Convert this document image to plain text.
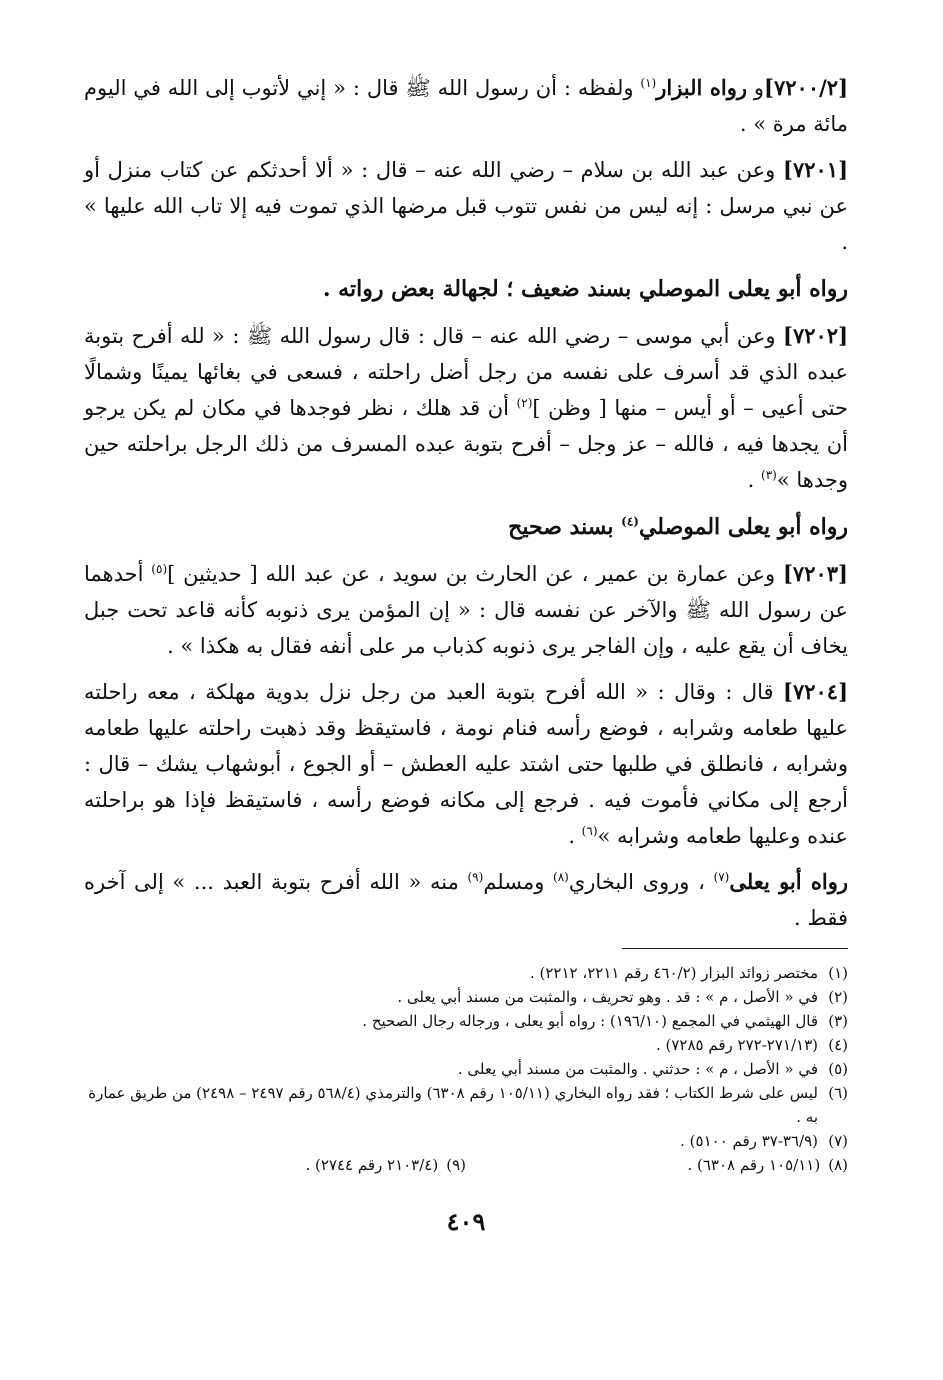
[٧٢٠٠/٢]و رواه البزار$^{(١)}$ ولفظه : أن رسول الله ﷺ قال : « إني لأتوب إلى الله في اليوم مائة مرة » .

[٧٢٠١] وعن عبد الله بن سلام – رضي الله عنه – قال : « ألا أحدثكم عن كتاب منزل أو عن نبي مرسل : إنه ليس من نفس تتوب قبل مرضها الذي تموت فيه إلا تاب الله عليها » .

رواه أبو يعلى الموصلي بسند ضعيف ؛ لجهالة بعض رواته .

[٧٢٠٢] وعن أبي موسى – رضي الله عنه – قال : قال رسول الله ﷺ : « لله أفرح بتوبة عبده الذي قد أسرف على نفسه من رجل أضل راحلته ، فسعى في بغائها يمينًا وشمالًا حتى أعيى – أو أيس – منها [ وظن ]$^{(٢)}$ أن قد هلك ، نظر فوجدها في مكان لم يكن يرجو أن يجدها فيه ، فالله – عز وجل – أفرح بتوبة عبده المسرف من ذلك الرجل براحلته حين وجدها »$^{(٣)}$ .

رواه أبو يعلى الموصلي$^{(٤)}$ بسند صحيح

[٧٢٠٣] وعن عمارة بن عمير ، عن الحارث بن سويد ، عن عبد الله [ حديثين ]$^{(٥)}$ أحدهما عن رسول الله ﷺ والآخر عن نفسه قال : « إن المؤمن يرى ذنوبه كأنه قاعد تحت جبل يخاف أن يقع عليه ، وإن الفاجر يرى ذنوبه كذباب مر على أنفه فقال به هكذا » .

[٧٢٠٤] قال : وقال : « الله أفرح بتوبة العبد من رجل نزل بدوية مهلكة ، معه راحلته عليها طعامه وشرابه ، فوضع رأسه فنام نومة ، فاستيقظ وقد ذهبت راحلته عليها طعامه وشرابه ، فانطلق في طلبها حتى اشتد عليه العطش – أو الجوع ، أبوشهاب يشك – قال : أرجع إلى مكاني فأموت فيه . فرجع إلى مكانه فوضع رأسه ، فاستيقظ فإذا هو براحلته عنده وعليها طعامه وشرابه »$^{(٦)}$ .

رواه أبو يعلى$^{(٧)}$ ، وروى البخاري$^{(٨)}$ ومسلم$^{(٩)}$ منه « الله أفرح بتوبة العبد ... » إلى آخره فقط .

(١)
مختصر زوائد البزار (٤٦٠/٢ رقم ٢٢١١، ٢٢١٢) .
(٢)
في « الأصل ، م » : قد . وهو تحريف ، والمثبت من مسند أبي يعلى .
(٣)
قال الهيثمي في المجمع (١٩٦/١٠) : رواه أبو يعلى ، ورجاله رجال الصحيح .
(٤)
(٢٧١/١٣-٢٧٢ رقم ٧٢٨٥) .
(٥)
في « الأصل ، م » : حدثني . والمثبت من مسند أبي يعلى .
(٦)
ليس على شرط الكتاب ؛ فقد رواه البخاري (١٠٥/١١ رقم ٦٣٠٨) والترمذي (٥٦٨/٤ رقم ٢٤٩٧ – ٢٤٩٨) من طريق عمارة به .
(٧)
(٣٦/٩-٣٧ رقم ٥١٠٠) .
(٨)
(١٠٥/١١ رقم ٦٣٠٨) .
(٩)
(٢١٠٣/٤ رقم ٢٧٤٤) .
٤٠٩
